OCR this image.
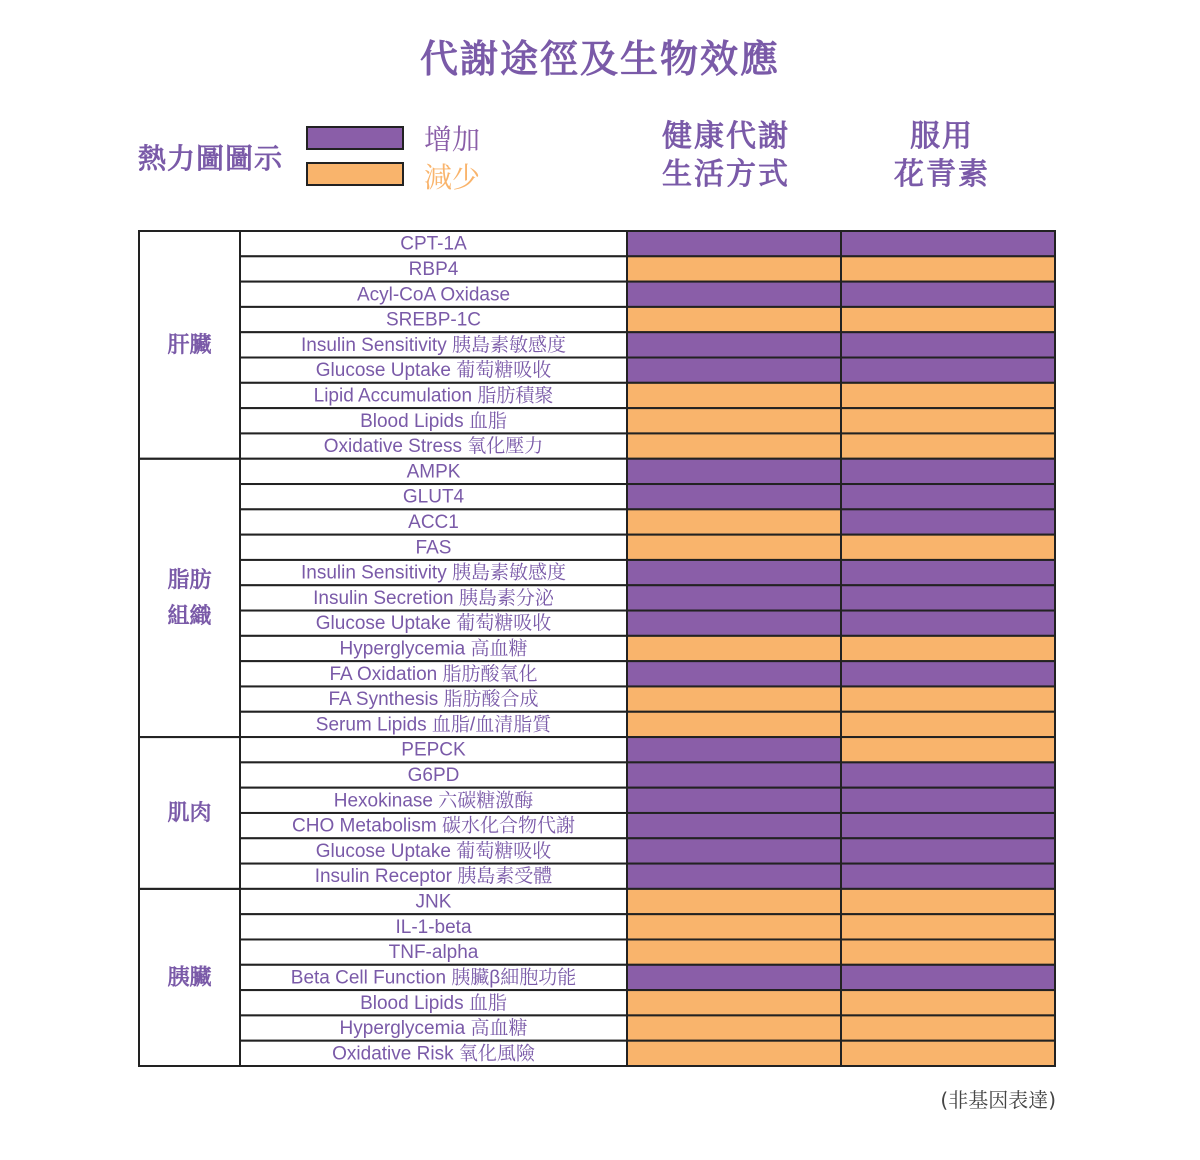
代謝途徑及生物效應
熱力圖圖示
增加
減少
健康代謝
生活方式
服用
花青素
CPT-1A
RBP4
Acyl-CoA Oxidase
SREBP-1C
Insulin Sensitivity 胰島素敏感度
Glucose Uptake 葡萄糖吸收
Lipid Accumulation 脂肪積聚
Blood Lipids 血脂
Oxidative Stress 氧化壓力
肝臟
AMPK
GLUT4
ACC1
FAS
Insulin Sensitivity 胰島素敏感度
Insulin Secretion 胰島素分泌
Glucose Uptake 葡萄糖吸收
Hyperglycemia 高血糖
FA Oxidation 脂肪酸氧化
FA Synthesis 脂肪酸合成
Serum Lipids 血脂/血清脂質
脂肪
組織
PEPCK
G6PD
Hexokinase 六碳糖激酶
CHO Metabolism 碳水化合物代謝
Glucose Uptake 葡萄糖吸收
Insulin Receptor 胰島素受體
肌肉
JNK
IL-1-beta
TNF-alpha
Beta Cell Function 胰臟β細胞功能
Blood Lipids 血脂
Hyperglycemia 高血糖
Oxidative Risk 氧化風險
胰臟
(非基因表達)
